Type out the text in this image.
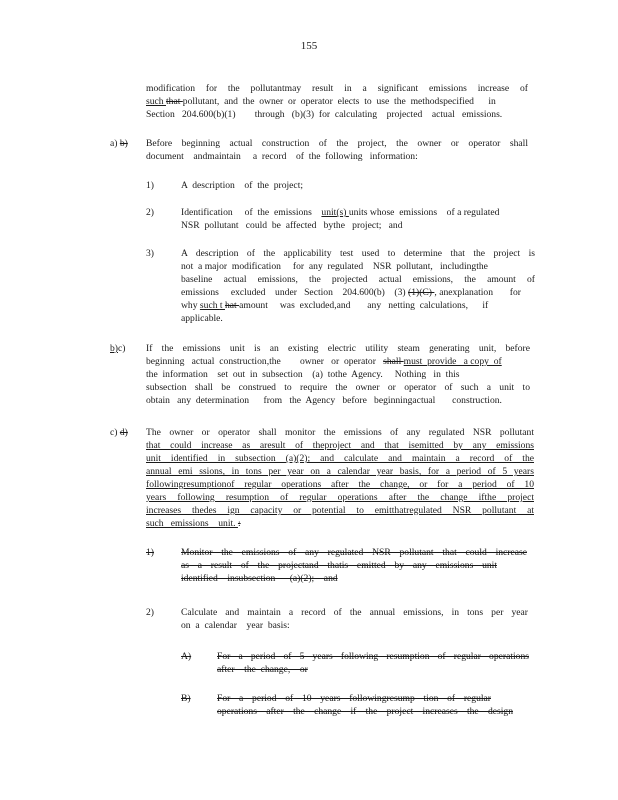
155
modification for the pollutantmay result in a significant emissions increase of
such that pollutant,  and  the  owner  or  operator  elects  to  use  the  methodspecified      in
Section   204.600(b)(1)        through   (b)(3)  for  calculating    projected    actual   emissions.
a) b) Before beginning actual construction of the project, the owner or operator shall
document    andmaintain     a  record    of  the  following   information:
1)	A  description    of  the  project;
2)	Identification     of  the  emissions    unit(s) units whose  emissions    of a regulated
NSR  pollutant   could  be  affected   bythe   project;   and
3)	A description of the applicability test used to determine that the project is
not  a major  modification     for  any  regulated    NSR  pollutant,   includingthe
baseline actual emissions, the projected actual emissions, the amount of
emissions     excluded    under   Section    204.600(b)    (3) (1)(C) , anexplanation       for
why such t hat amount     was  excluded,and       any   netting  calculations,      if
applicable.
b)c) If the emissions unit is an existing electric utility steam generating unit, before
beginning   actual  construction,the        owner   or  operator   shall must  provide   a copy  of
the  information    set  out  in  subsection    (a)  tothe  Agency.     Nothing   in  this
subsection shall be construed to require the owner or operator of such a unit to
obtain   any  determination      from   the  Agency   before   beginningactual       construction.
c) d) The owner or operator shall monitor the emissions of any regulated NSR pollutant
that could increase as aresult of theproject and that isemitted by any emissions
unit identified in subsection (a)(2); and calculate and maintain a record of the
annual emi ssions, in tons per year on a calendar year basis, for a period of 5 years
followingresumptionof regular operations after the change, or for a period of 10
years following resumption of regular operations after the change ifthe project
increases thedes ign capacity or potential to emitthatregulated NSR pollutant at
such   emissions    unit. :
1)	Monitor the emissions of any regulated NSR pollutant that could increase
as a result of the projectand thatis emitted by any emissions unit
identified    insubsection      (a)(2);    and
2)	Calculate and maintain a record of the annual emissions, in tons per year
on  a  calendar    year  basis:
A)	For a period of 5 years following resumption of regular operations
after    the  change,    or
B)	For a period of 10 years followingresump tion of regular
operations after the change if the project increases the design
